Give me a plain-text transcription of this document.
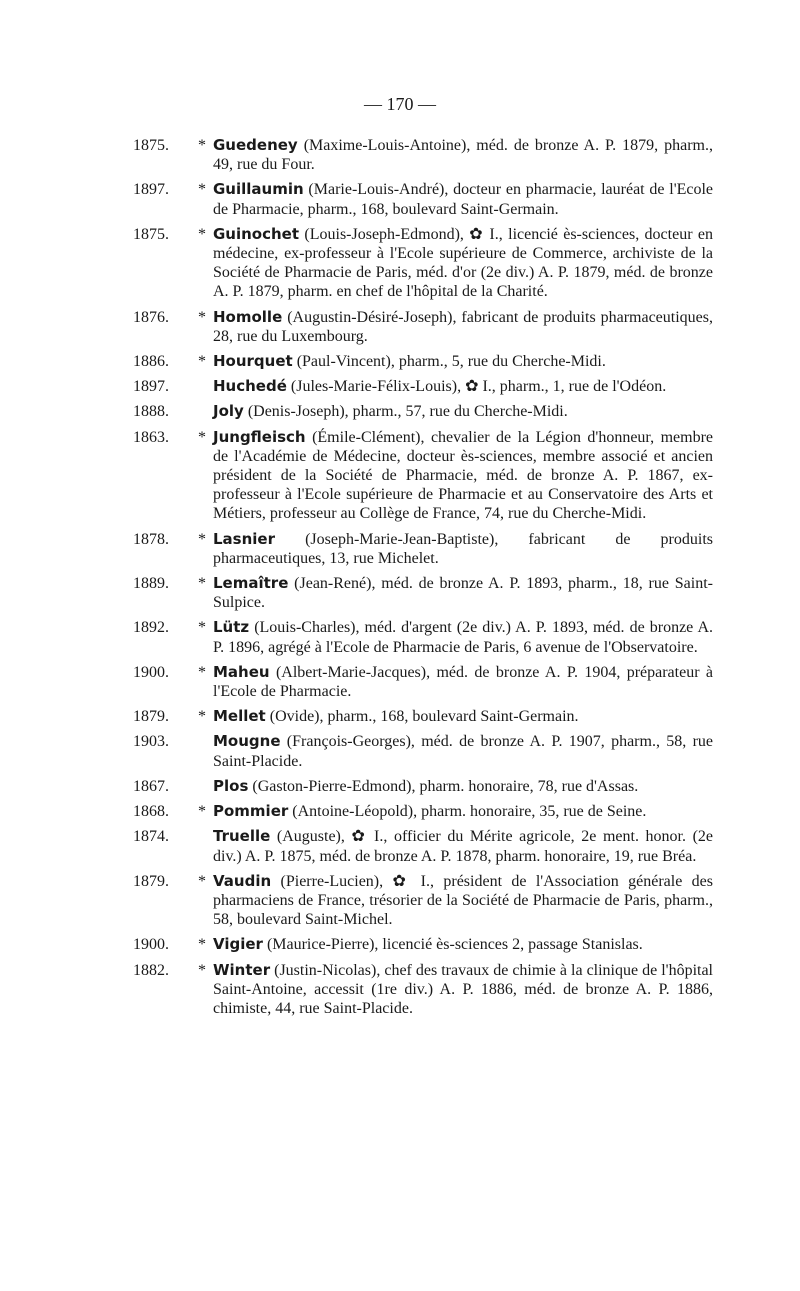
— 170 —
1875.	* Guedeney (Maxime-Louis-Antoine), méd. de bronze A. P. 1879, pharm., 49, rue du Four.
1897.	* Guillaumin (Marie-Louis-André), docteur en pharmacie, lauréat de l'Ecole de Pharmacie, pharm., 168, boulevard Saint-Germain.
1875.	* Guinochet (Louis-Joseph-Edmond), ✿ I., licencié ès-sciences, docteur en médecine, ex-professeur à l'Ecole supérieure de Commerce, archiviste de la Société de Pharmacie de Paris, méd. d'or (2e div.) A. P. 1879, méd. de bronze A. P. 1879, pharm. en chef de l'hôpital de la Charité.
1876.	* Homolle (Augustin-Désiré-Joseph), fabricant de produits pharmaceutiques, 28, rue du Luxembourg.
1886.	* Hourquet (Paul-Vincent), pharm., 5, rue du Cherche-Midi.
1897.	Huchedé (Jules-Marie-Félix-Louis), ✿ I., pharm., 1, rue de l'Odéon.
1888.	Joly (Denis-Joseph), pharm., 57, rue du Cherche-Midi.
1863.	* Jungfleisch (Émile-Clément), chevalier de la Légion d'honneur, membre de l'Académie de Médecine, docteur ès-sciences, membre associé et ancien président de la Société de Pharmacie, méd. de bronze A. P. 1867, ex-professeur à l'Ecole supérieure de Pharmacie et au Conservatoire des Arts et Métiers, professeur au Collège de France, 74, rue du Cherche-Midi.
1878.	* Lasnier (Joseph-Marie-Jean-Baptiste), fabricant de produits pharmaceutiques, 13, rue Michelet.
1889.	* Lemaître (Jean-René), méd. de bronze A. P. 1893, pharm., 18, rue Saint-Sulpice.
1892.	* Lütz (Louis-Charles), méd. d'argent (2e div.) A. P. 1893, méd. de bronze A. P. 1896, agrégé à l'Ecole de Pharmacie de Paris, 6 avenue de l'Observatoire.
1900.	* Maheu (Albert-Marie-Jacques), méd. de bronze A. P. 1904, préparateur à l'Ecole de Pharmacie.
1879.	* Mellet (Ovide), pharm., 168, boulevard Saint-Germain.
1903.	Mougne (François-Georges), méd. de bronze A. P. 1907, pharm., 58, rue Saint-Placide.
1867.	Plos (Gaston-Pierre-Edmond), pharm. honoraire, 78, rue d'Assas.
1868.	* Pommier (Antoine-Léopold), pharm. honoraire, 35, rue de Seine.
1874.	Truelle (Auguste), ✿ I., officier du Mérite agricole, 2e ment. honor. (2e div.) A. P. 1875, méd. de bronze A. P. 1878, pharm. honoraire, 19, rue Bréa.
1879.	* Vaudin (Pierre-Lucien), ✿ I., président de l'Association générale des pharmaciens de France, trésorier de la Société de Pharmacie de Paris, pharm., 58, boulevard Saint-Michel.
1900.	* Vigier (Maurice-Pierre), licencié ès-sciences 2, passage Stanislas.
1882.	* Winter (Justin-Nicolas), chef des travaux de chimie à la clinique de l'hôpital Saint-Antoine, accessit (1re div.) A. P. 1886, méd. de bronze A. P. 1886, chimiste, 44, rue Saint-Placide.
